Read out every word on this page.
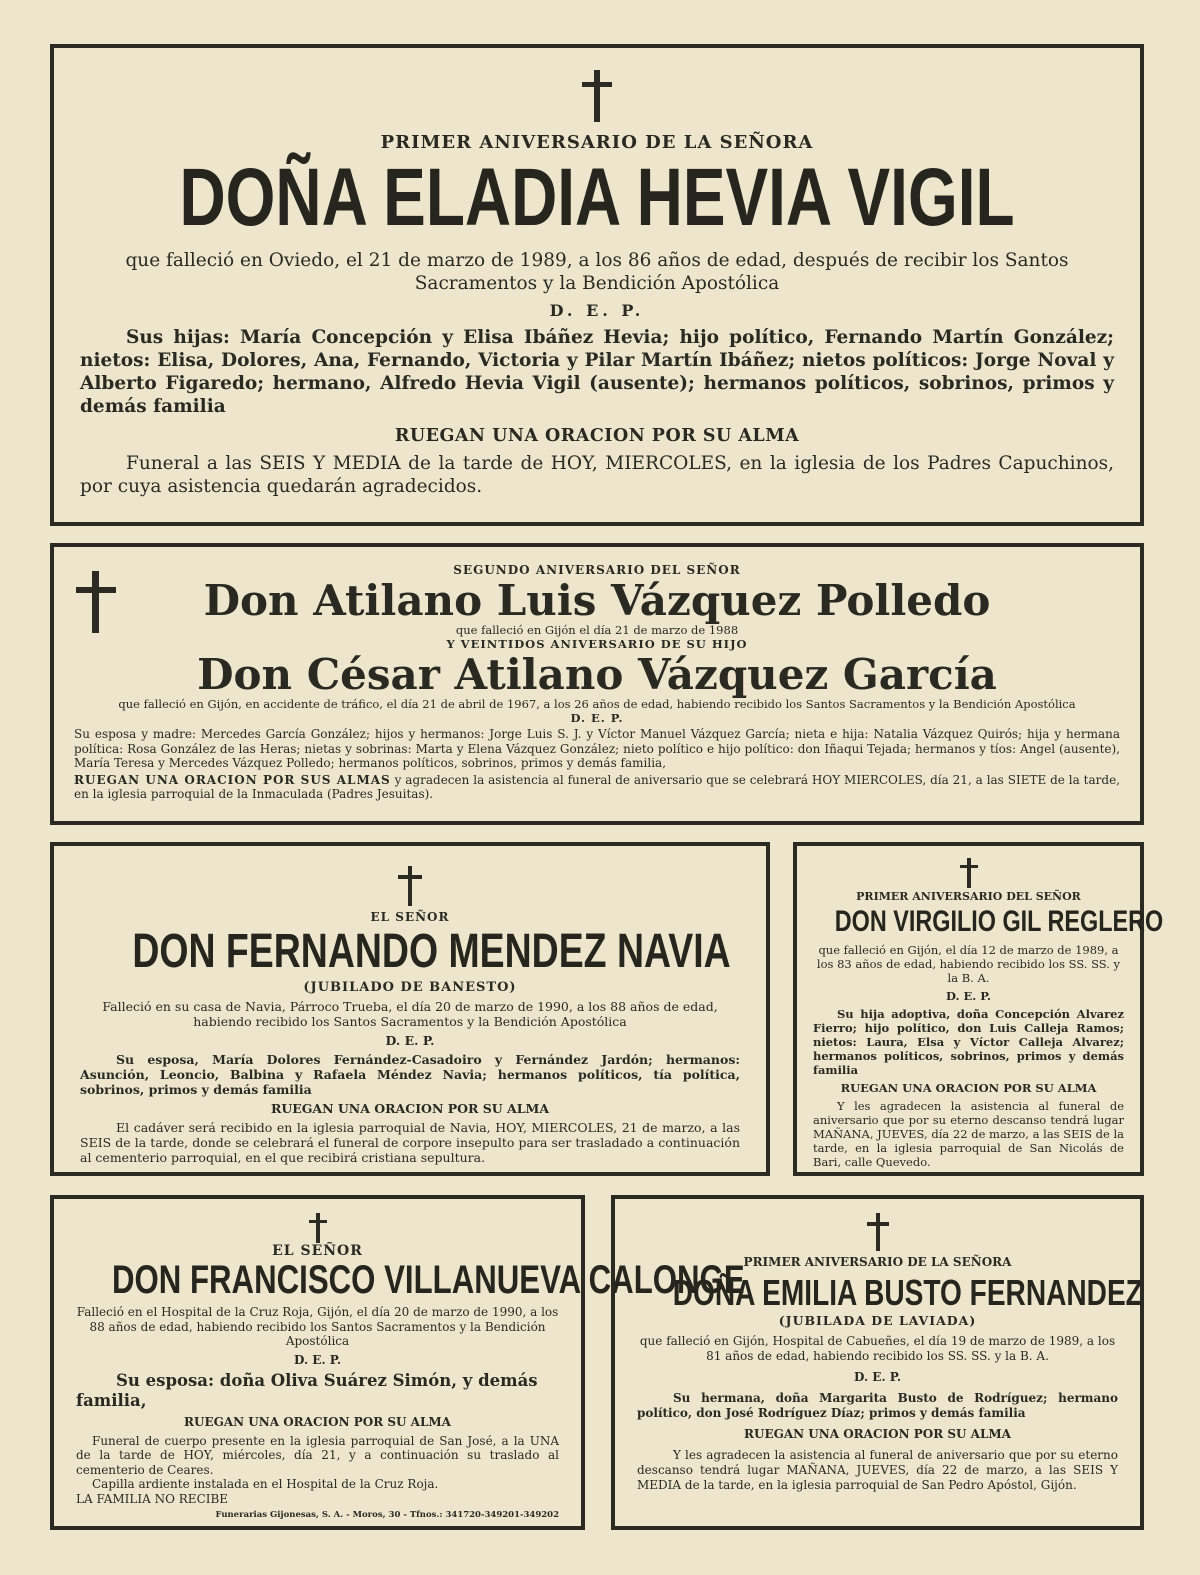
PRIMER ANIVERSARIO DE LA SEÑORA

DOÑA ELADIA HEVIA VIGIL

que falleció en Oviedo, el 21 de marzo de 1989, a los 86 años de edad, después de recibir los Santos Sacramentos y la Bendición Apostólica

D. E. P.

Sus hijas: María Concepción y Elisa Ibáñez Hevia; hijo político, Fernando Martín González; nietos: Elisa, Dolores, Ana, Fernando, Victoria y Pilar Martín Ibáñez; nietos políticos: Jorge Noval y Alberto Figaredo; hermano, Alfredo Hevia Vigil (ausente); hermanos políticos, sobrinos, primos y demás familia

RUEGAN UNA ORACION POR SU ALMA

Funeral a las SEIS Y MEDIA de la tarde de HOY, MIERCOLES, en la iglesia de los Padres Capuchinos, por cuya asistencia quedarán agradecidos.

SEGUNDO ANIVERSARIO DEL SEÑOR

Don Atilano Luis Vázquez Polledo

que falleció en Gijón el día 21 de marzo de 1988

Y VEINTIDOS ANIVERSARIO DE SU HIJO

Don César Atilano Vázquez García

que falleció en Gijón, en accidente de tráfico, el día 21 de abril de 1967, a los 26 años de edad, habiendo recibido los Santos Sacramentos y la Bendición Apostólica

D. E. P.

Su esposa y madre: Mercedes García González; hijos y hermanos: Jorge Luis S. J. y Víctor Manuel Vázquez García; nieta e hija: Natalia Vázquez Quirós; hija y hermana política: Rosa González de las Heras; nietas y sobrinas: Marta y Elena Vázquez González; nieto político e hijo político: don Iñaqui Tejada; hermanos y tíos: Angel (ausente), María Teresa y Mercedes Vázquez Polledo; hermanos políticos, sobrinos, primos y demás familia,

RUEGAN UNA ORACION POR SUS ALMAS y agradecen la asistencia al funeral de aniversario que se celebrará HOY MIERCOLES, día 21, a las SIETE de la tarde, en la iglesia parroquial de la Inmaculada (Padres Jesuitas).

EL SEÑOR

DON FERNANDO MENDEZ NAVIA

(JUBILADO DE BANESTO)

Falleció en su casa de Navia, Párroco Trueba, el día 20 de marzo de 1990, a los 88 años de edad, habiendo recibido los Santos Sacramentos y la Bendición Apostólica

D. E. P.

Su esposa, María Dolores Fernández-Casadoiro y Fernández Jardón; hermanos: Asunción, Leoncio, Balbina y Rafaela Méndez Navia; hermanos políticos, tía política, sobrinos, primos y demás familia

RUEGAN UNA ORACION POR SU ALMA

El cadáver será recibido en la iglesia parroquial de Navia, HOY, MIERCOLES, 21 de marzo, a las SEIS de la tarde, donde se celebrará el funeral de corpore insepulto para ser trasladado a continuación al cementerio parroquial, en el que recibirá cristiana sepultura.

PRIMER ANIVERSARIO DEL SEÑOR

DON VIRGILIO GIL REGLERO

que falleció en Gijón, el día 12 de marzo de 1989, a los 83 años de edad, habiendo recibido los SS. SS. y la B. A.

D. E. P.

Su hija adoptiva, doña Concepción Alvarez Fierro; hijo político, don Luis Calleja Ramos; nietos: Laura, Elsa y Víctor Calleja Alvarez; hermanos políticos, sobrinos, primos y demás familia

RUEGAN UNA ORACION POR SU ALMA

Y les agradecen la asistencia al funeral de aniversario que por su eterno descanso tendrá lugar MAÑANA, JUEVES, día 22 de marzo, a las SEIS de la tarde, en la iglesia parroquial de San Nicolás de Bari, calle Quevedo.

EL SEÑOR

DON FRANCISCO VILLANUEVA CALONGE

Falleció en el Hospital de la Cruz Roja, Gijón, el día 20 de marzo de 1990, a los 88 años de edad, habiendo recibido los Santos Sacramentos y la Bendición Apostólica

D. E. P.

Su esposa: doña Oliva Suárez Simón, y demás familia,

RUEGAN UNA ORACION POR SU ALMA

Funeral de cuerpo presente en la iglesia parroquial de San José, a la UNA de la tarde de HOY, miércoles, día 21, y a continuación su traslado al cementerio de Ceares.

Capilla ardiente instalada en el Hospital de la Cruz Roja.

LA FAMILIA NO RECIBE

Funerarias Gijonesas, S. A. - Moros, 30 - Tfnos.: 341720-349201-349202

PRIMER ANIVERSARIO DE LA SEÑORA

DOÑA EMILIA BUSTO FERNANDEZ

(JUBILADA DE LAVIADA)

que falleció en Gijón, Hospital de Cabueñes, el día 19 de marzo de 1989, a los 81 años de edad, habiendo recibido los SS. SS. y la B. A.

D. E. P.

Su hermana, doña Margarita Busto de Rodríguez; hermano político, don José Rodríguez Díaz; primos y demás familia

RUEGAN UNA ORACION POR SU ALMA

Y les agradecen la asistencia al funeral de aniversario que por su eterno descanso tendrá lugar MAÑANA, JUEVES, día 22 de marzo, a las SEIS Y MEDIA de la tarde, en la iglesia parroquial de San Pedro Apóstol, Gijón.
